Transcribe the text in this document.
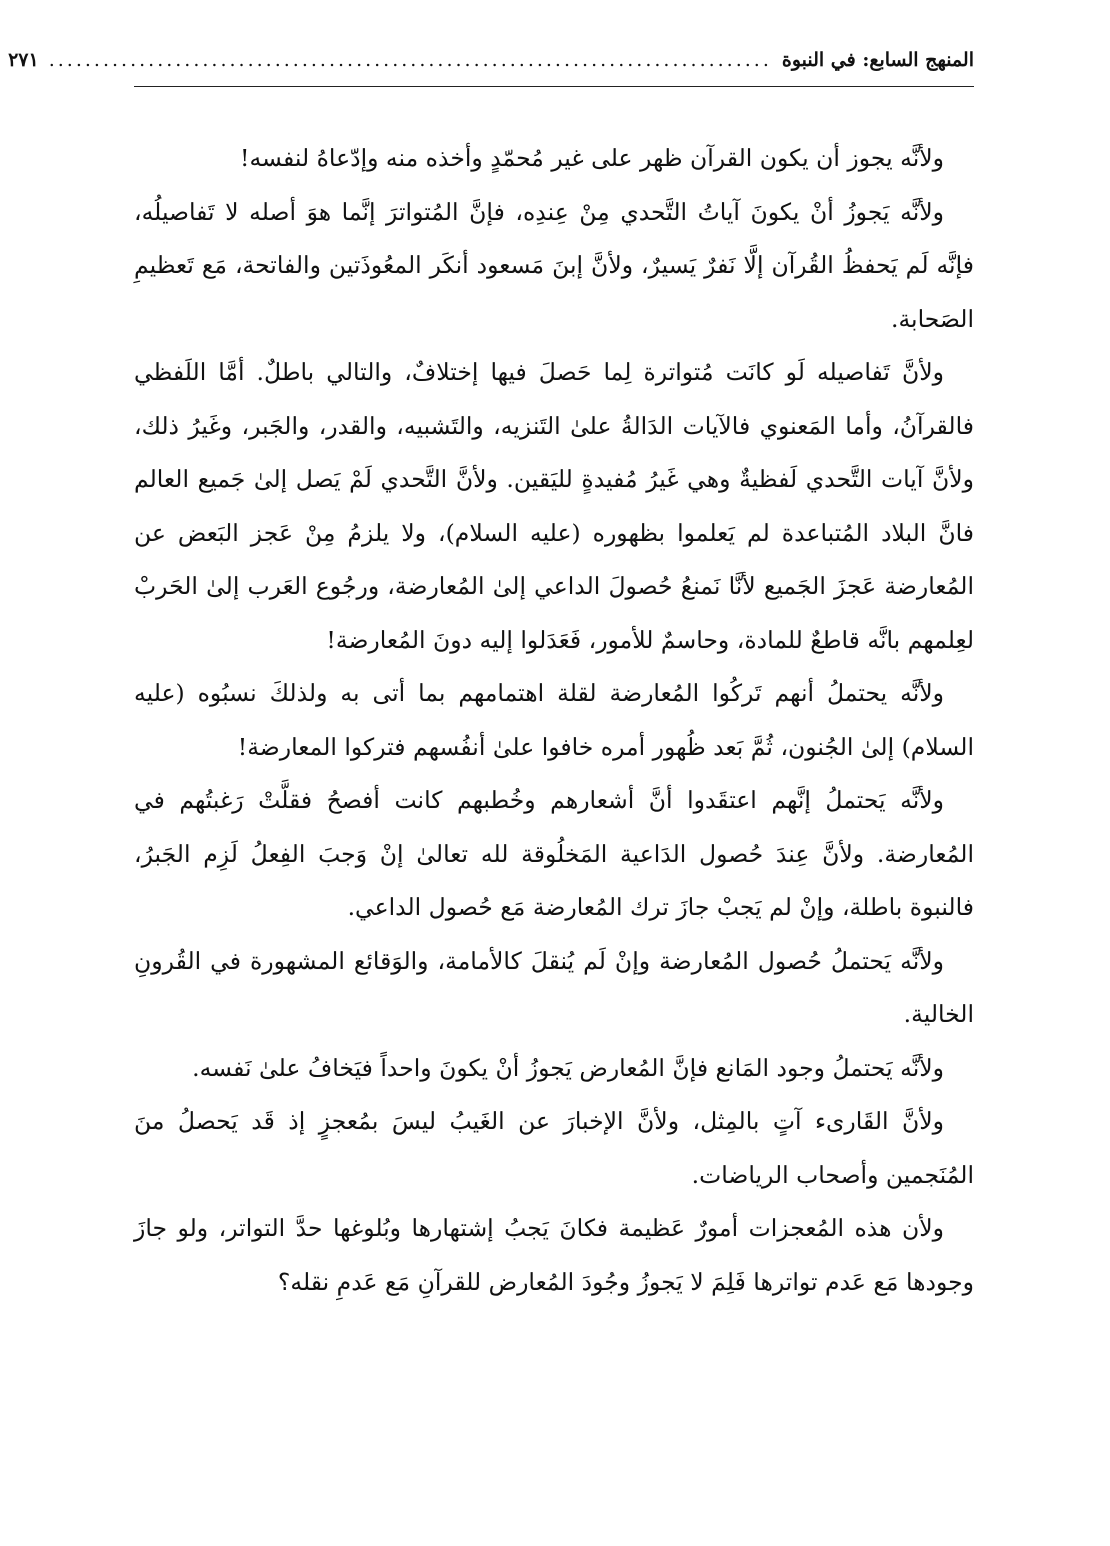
المنهج السابع: في النبوة
................................................................................
٢٧١

ولأنَّه يجوز أن يكون القرآن ظهر على غير مُحمّدٍ وأخذه منه وإدّعاهُ لنفسه!

ولأنَّه يَجوزُ أنْ يكونَ آياتُ التَّحدي مِنْ عِندِه، فإنَّ المُتواترَ إنَّما هوَ أصله لا تَفاصيلُه، فإنَّه لَم يَحفظُ القُرآن إلَّا نَفرٌ يَسيرٌ، ولأنَّ إبنَ مَسعود أنكَر المعُوذَتين والفاتحة، مَع تَعظيمِ الصَحابة.

ولأنَّ تَفاصيله لَو كانَت مُتواترة لِما حَصلَ فيها إختلافٌ، والتالي باطلٌ. أمَّا اللَفظي فالقرآنُ، وأما المَعنوي فالآيات الدَالةُ علىٰ التَنزيه، والتَشبيه، والقدر، والجَبر، وغَيرُ ذلك، ولأنَّ آيات التَّحدي لَفظيةٌ وهي غَيرُ مُفيدةٍ لليَقين. ولأنَّ التَّحدي لَمْ يَصل إلىٰ جَميع العالم فانَّ البلاد المُتباعدة لم يَعلموا بظهوره (عليه السلام)، ولا يلزمُ مِنْ عَجز البَعض عن المُعارضة عَجزَ الجَميع لأنَّا نَمنعُ حُصولَ الداعي إلىٰ المُعارضة، ورجُوع العَرب إلىٰ الحَربْ لعِلمهم بانَّه قاطعٌ للمادة، وحاسمٌ للأمور، فَعَدَلوا إليه دونَ المُعارضة!

ولأنَّه يحتملُ أنهم تَركُوا المُعارضة لقلة اهتمامهم بما أتى به ولذلكَ نسبُوه (عليه السلام) إلىٰ الجُنون، ثُمَّ بَعد ظُهور أمره خافوا علىٰ أنفُسهم فتركوا المعارضة!

ولأنَّه يَحتملُ إنَّهم اعتقَدوا أنَّ أشعارهم وخُطبهم كانت أفصحُ فقلَّتْ رَغبتُهم في المُعارضة. ولأنَّ عِندَ حُصول الدَاعية المَخلُوقة لله تعالىٰ إنْ وَجبَ الفِعلُ لَزِم الجَبرُ، فالنبوة باطلة، وإنْ لم يَجبْ جازَ ترك المُعارضة مَع حُصول الداعي.

ولأنَّه يَحتملُ حُصول المُعارضة وإنْ لَم يُنقلَ كالأمامة، والوَقائع المشهورة في القُرونِ الخالية.

ولأنَّه يَحتملُ وجود المَانع فإنَّ المُعارض يَجوزُ أنْ يكونَ واحداً فيَخافُ علىٰ نَفسه.

ولأنَّ القَارىء آتٍ بالمِثل، ولأنَّ الإخبارَ عن الغَيبُ ليسَ بمُعجزٍ إذ قَد يَحصلُ منَ المُنَجمين وأصحاب الرياضات.

ولأن هذه المُعجزات أمورٌ عَظيمة فكانَ يَجبُ إشتهارها وبُلوغها حدَّ التواتر، ولو جازَ وجودها مَع عَدم تواترها فَلِمَ لا يَجوزُ وجُودَ المُعارض للقرآنِ مَع عَدمِ نقله؟
